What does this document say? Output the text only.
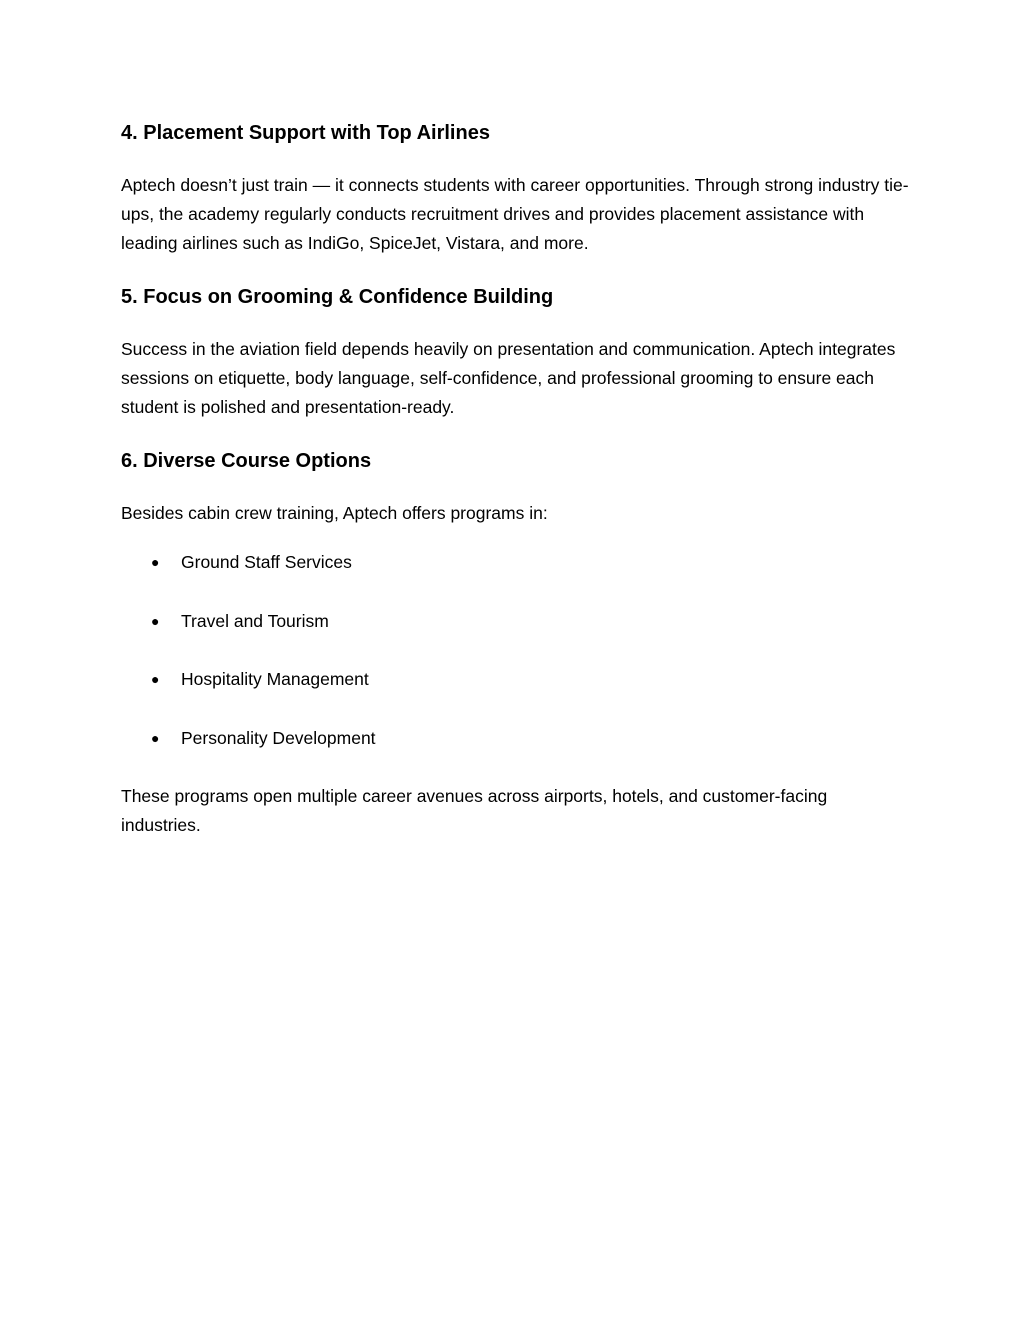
4. Placement Support with Top Airlines

Aptech doesn’t just train — it connects students with career opportunities. Through strong industry tie-ups, the academy regularly conducts recruitment drives and provides placement assistance with leading airlines such as IndiGo, SpiceJet, Vistara, and more.

5. Focus on Grooming & Confidence Building

Success in the aviation field depends heavily on presentation and communication. Aptech integrates sessions on etiquette, body language, self-confidence, and professional grooming to ensure each student is polished and presentation-ready.

6. Diverse Course Options

Besides cabin crew training, Aptech offers programs in:

● Ground Staff Services
● Travel and Tourism
● Hospitality Management
● Personality Development

These programs open multiple career avenues across airports, hotels, and customer-facing industries.
